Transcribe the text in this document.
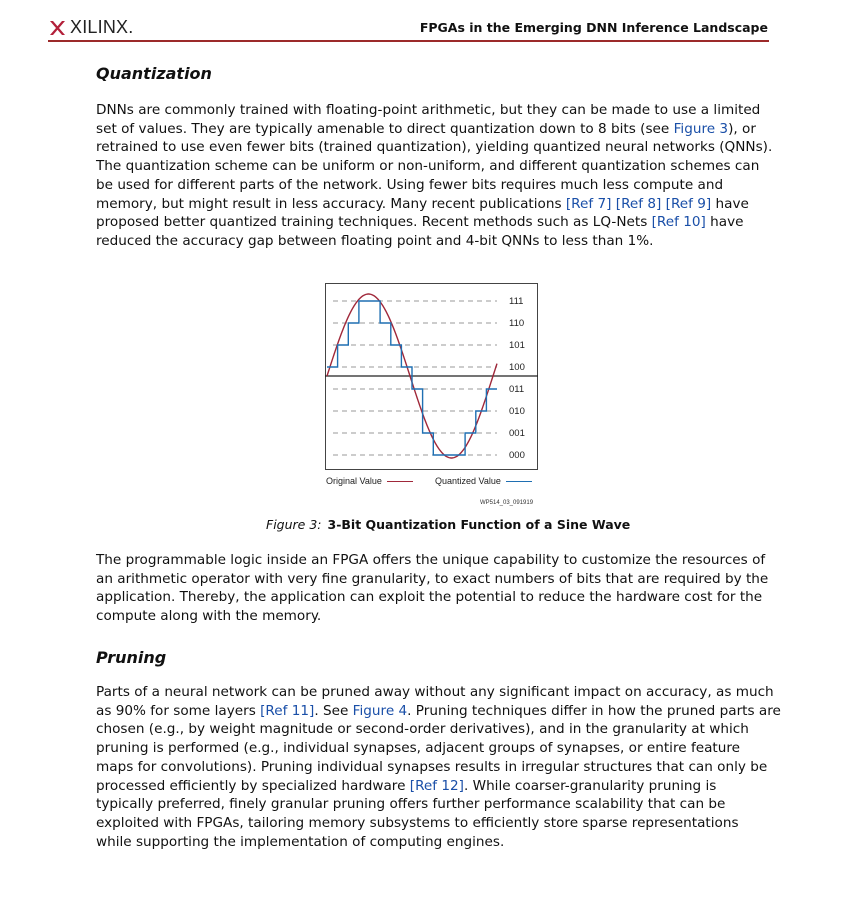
XILINX.	FPGAs in the Emerging DNN Inference Landscape
Quantization

DNNs are commonly trained with floating-point arithmetic, but they can be made to use a limited
set of values. They are typically amenable to direct quantization down to 8 bits (see Figure 3), or
retrained to use even fewer bits (trained quantization), yielding quantized neural networks (QNNs).
The quantization scheme can be uniform or non-uniform, and different quantization schemes can
be used for different parts of the network. Using fewer bits requires much less compute and
memory, but might result in less accuracy. Many recent publications [Ref 7] [Ref 8] [Ref 9] have
proposed better quantized training techniques. Recent methods such as LQ-Nets [Ref 10] have
reduced the accuracy gap between floating point and 4-bit QNNs to less than 1%.

111
110
101
100
011
010
001
000
Original Value	Quantized Value
WP514_03_091919
Figure 3: 3-Bit Quantization Function of a Sine Wave

The programmable logic inside an FPGA offers the unique capability to customize the resources of
an arithmetic operator with very fine granularity, to exact numbers of bits that are required by the
application. Thereby, the application can exploit the potential to reduce the hardware cost for the
compute along with the memory.

Pruning

Parts of a neural network can be pruned away without any significant impact on accuracy, as much
as 90% for some layers [Ref 11]. See Figure 4. Pruning techniques differ in how the pruned parts are
chosen (e.g., by weight magnitude or second-order derivatives), and in the granularity at which
pruning is performed (e.g., individual synapses, adjacent groups of synapses, or entire feature
maps for convolutions). Pruning individual synapses results in irregular structures that can only be
processed efficiently by specialized hardware [Ref 12]. While coarser-granularity pruning is
typically preferred, finely granular pruning offers further performance scalability that can be
exploited with FPGAs, tailoring memory subsystems to efficiently store sparse representations
while supporting the implementation of computing engines.
